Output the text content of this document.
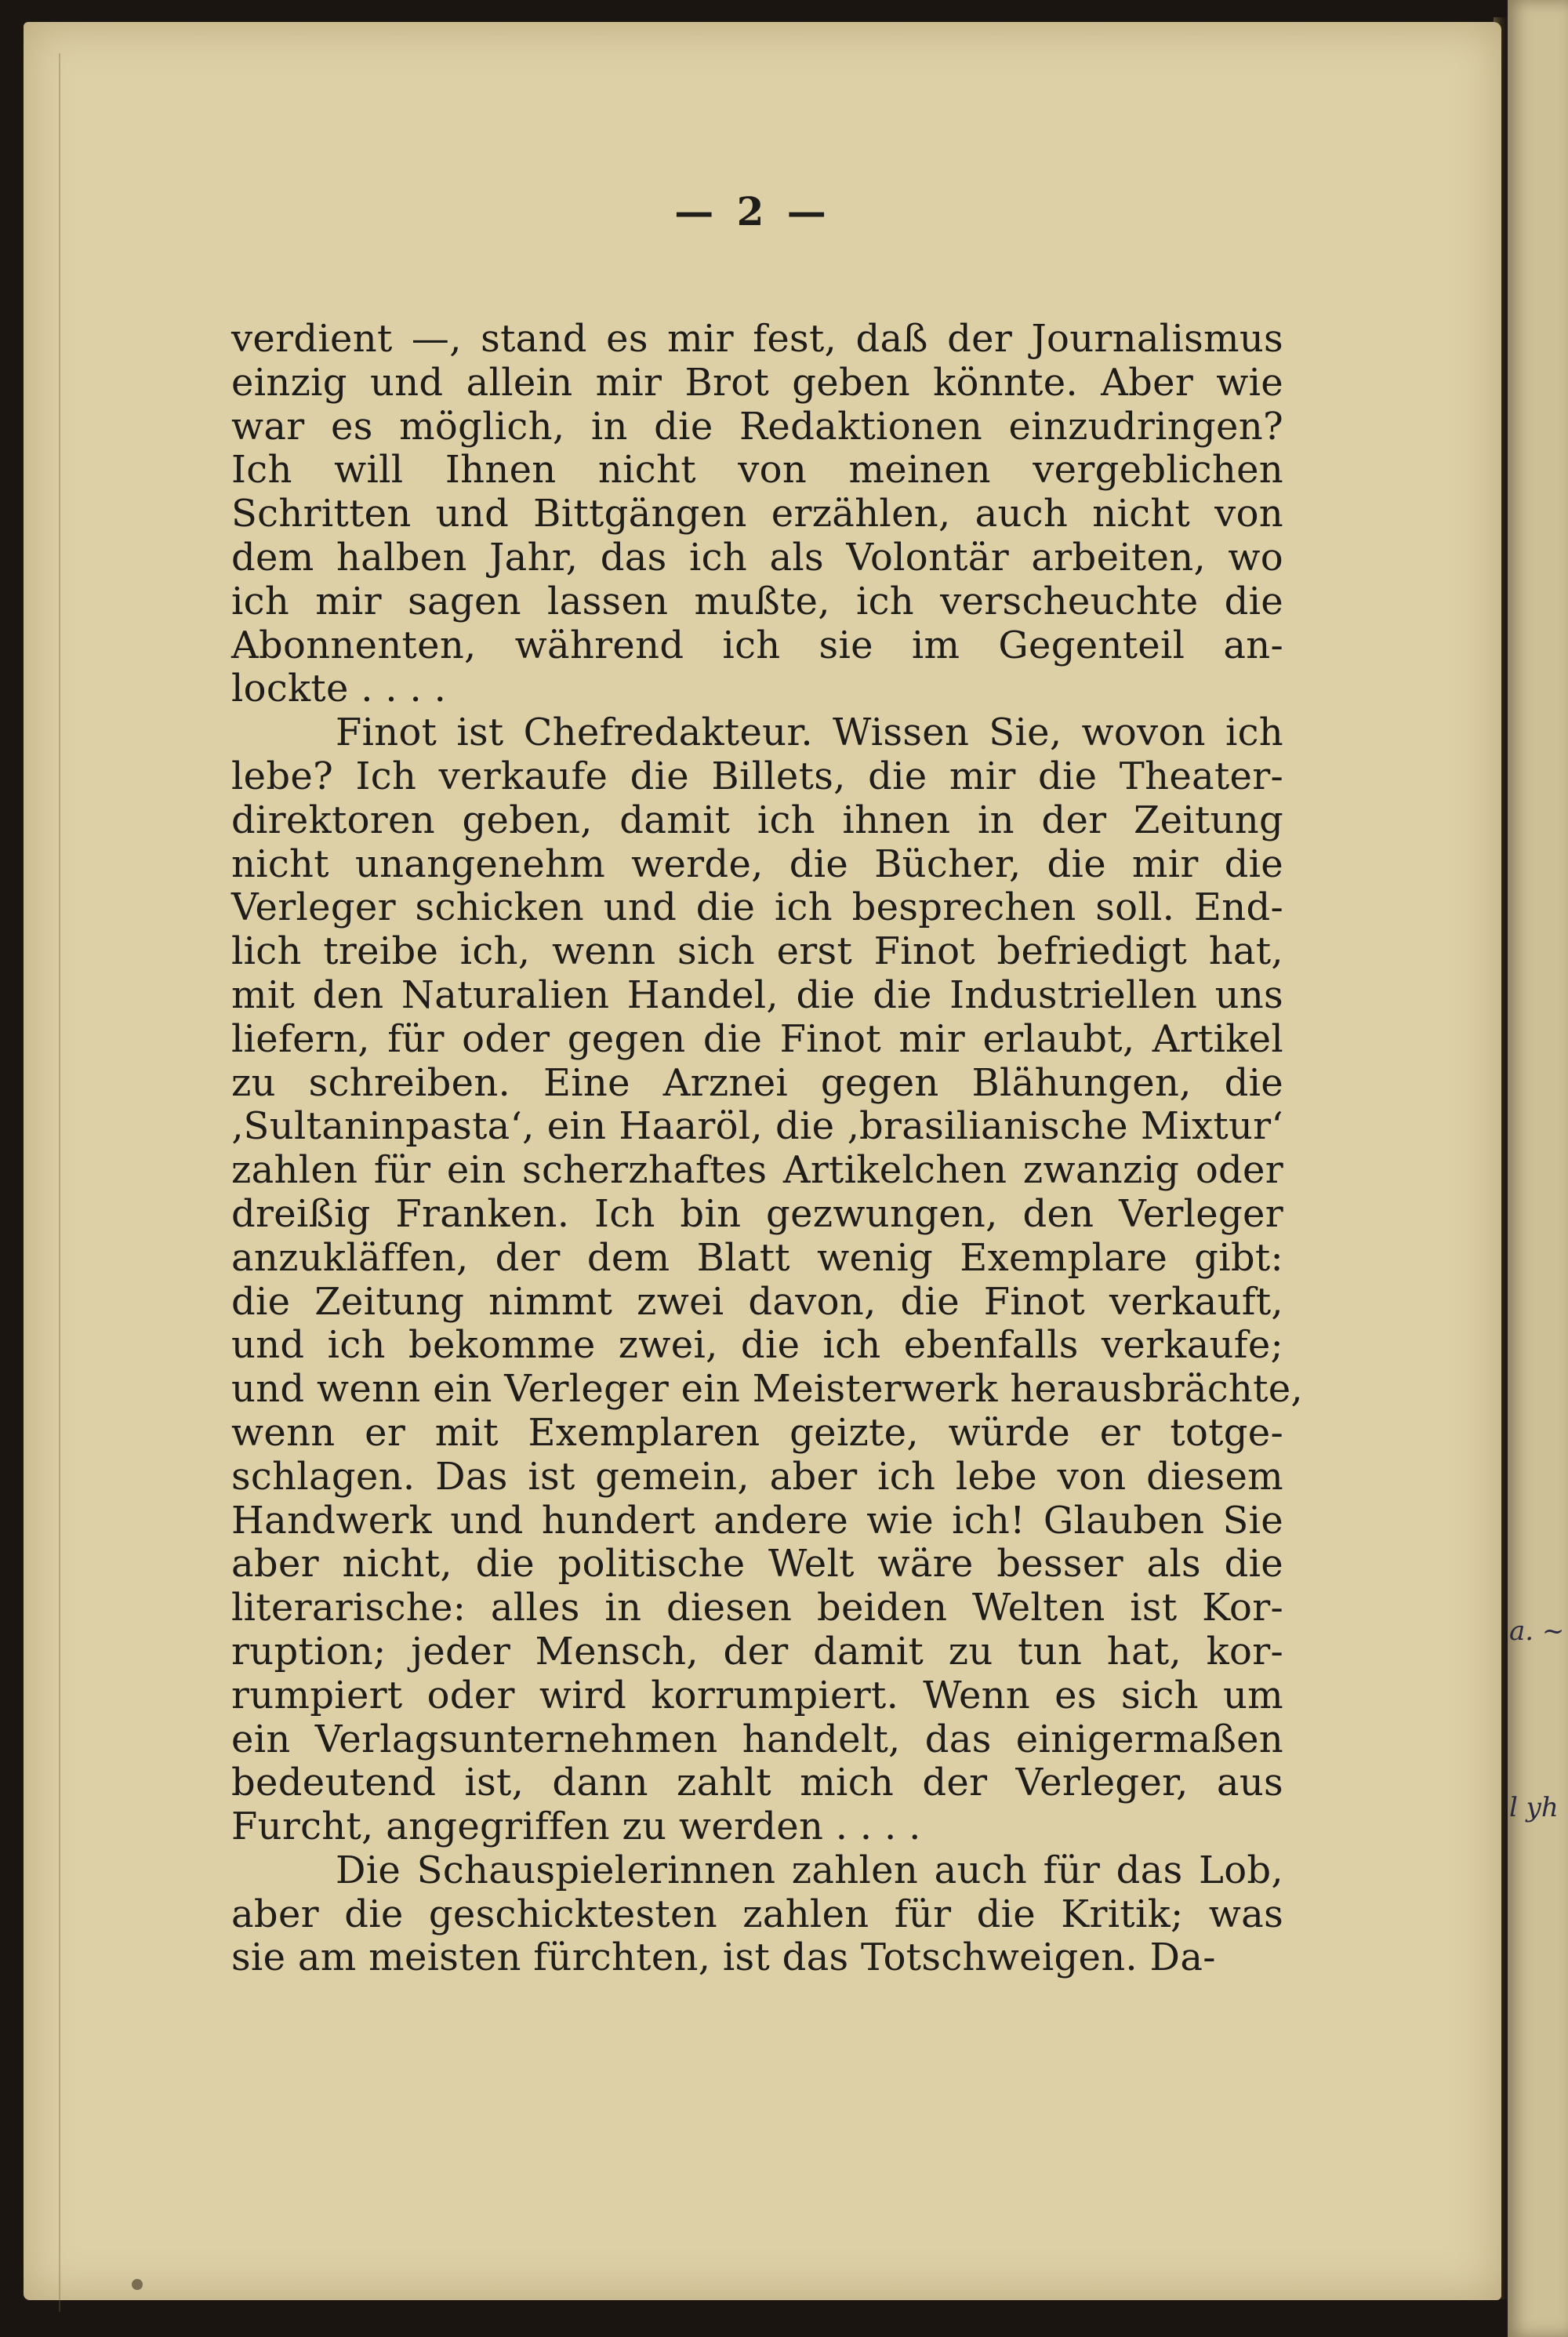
a. ~
l yh
— 2 —
verdient —, stand es mir fest, daß der Journalismus
einzig und allein mir Brot geben könnte. Aber wie
war es möglich, in die Redaktionen einzudringen?
Ich will Ihnen nicht von meinen vergeblichen
Schritten und Bittgängen erzählen, auch nicht von
dem halben Jahr, das ich als Volontär arbeiten, wo
ich mir sagen lassen mußte, ich verscheuchte die
Abonnenten, während ich sie im Gegenteil an-
lockte . . . .
Finot ist Chefredakteur. Wissen Sie, wovon ich
lebe? Ich verkaufe die Billets, die mir die Theater-
direktoren geben, damit ich ihnen in der Zeitung
nicht unangenehm werde, die Bücher, die mir die
Verleger schicken und die ich besprechen soll. End-
lich treibe ich, wenn sich erst Finot befriedigt hat,
mit den Naturalien Handel, die die Industriellen uns
liefern, für oder gegen die Finot mir erlaubt, Artikel
zu schreiben. Eine Arznei gegen Blähungen, die
‚Sultaninpasta‘, ein Haaröl, die ‚brasilianische Mixtur‘
zahlen für ein scherzhaftes Artikelchen zwanzig oder
dreißig Franken. Ich bin gezwungen, den Verleger
anzukläffen, der dem Blatt wenig Exemplare gibt:
die Zeitung nimmt zwei davon, die Finot verkauft,
und ich bekomme zwei, die ich ebenfalls verkaufe;
und wenn ein Verleger ein Meisterwerk herausbrächte,
wenn er mit Exemplaren geizte, würde er totge-
schlagen. Das ist gemein, aber ich lebe von diesem
Handwerk und hundert andere wie ich! Glauben Sie
aber nicht, die politische Welt wäre besser als die
literarische: alles in diesen beiden Welten ist Kor-
ruption; jeder Mensch, der damit zu tun hat, kor-
rumpiert oder wird korrumpiert. Wenn es sich um
ein Verlagsunternehmen handelt, das einigermaßen
bedeutend ist, dann zahlt mich der Verleger, aus
Furcht, angegriffen zu werden . . . .
Die Schauspielerinnen zahlen auch für das Lob,
aber die geschicktesten zahlen für die Kritik; was
sie am meisten fürchten, ist das Totschweigen. Da-
